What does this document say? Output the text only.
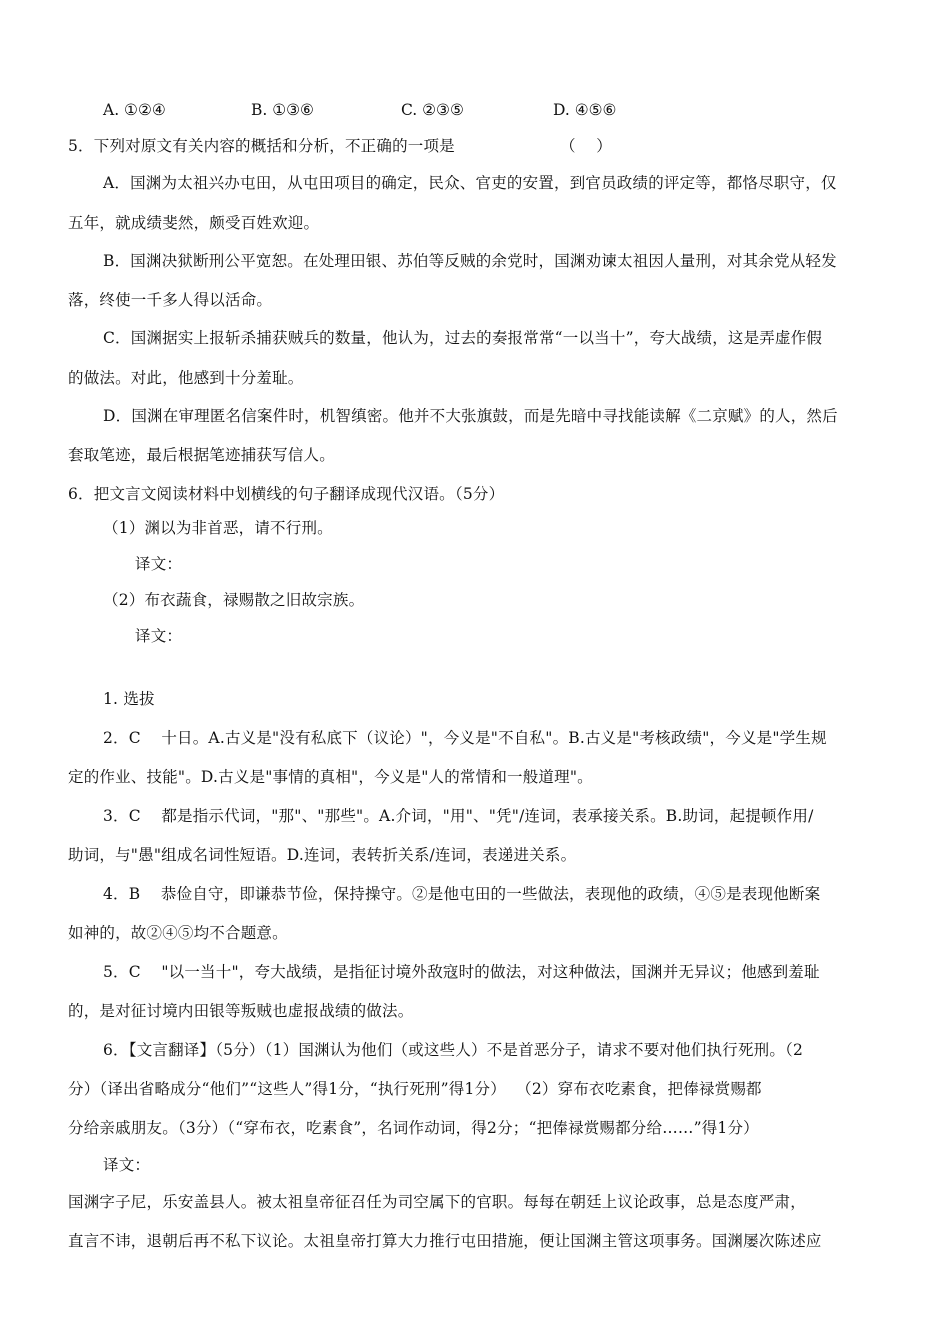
A. ①②④	B. ①③⑥	C. ②③⑤	D. ④⑤⑥
5．下列对原文有关内容的概括和分析，不正确的一项是	（    ）
A．国渊为太祖兴办屯田，从屯田项目的确定，民众、官吏的安置，到官员政绩的评定等，都恪尽职守，仅
五年，就成绩斐然，颇受百姓欢迎。
B．国渊决狱断刑公平宽恕。在处理田银、苏伯等反贼的余党时，国渊劝谏太祖因人量刑，对其余党从轻发
落，终使一千多人得以活命。
C．国渊据实上报斩杀捕获贼兵的数量，他认为，过去的奏报常常“一以当十”，夸大战绩，这是弄虚作假
的做法。对此，他感到十分羞耻。
D．国渊在审理匿名信案件时，机智缜密。他并不大张旗鼓，而是先暗中寻找能读解《二京赋》的人，然后
套取笔迹，最后根据笔迹捕获写信人。
6．把文言文阅读材料中划横线的句子翻译成现代汉语。（5分）
（1）渊以为非首恶，请不行刑。
译文：
（2）布衣蔬食，禄赐散之旧故宗族。
译文：
1. 选拔
2．C    十日。A.古义是"没有私底下（议论）"，今义是"不自私"。B.古义是"考核政绩"，今义是"学生规
定的作业、技能"。D.古义是"事情的真相"，今义是"人的常情和一般道理"。
3．C    都是指示代词，"那"、"那些"。A.介词，"用"、"凭"/连词，表承接关系。B.助词，起提顿作用/
助词，与"愚"组成名词性短语。D.连词，表转折关系/连词，表递进关系。
4．B    恭俭自守，即谦恭节俭，保持操守。②是他屯田的一些做法，表现他的政绩，④⑤是表现他断案
如神的，故②④⑤均不合题意。
5．C    "以一当十"，夸大战绩，是指征讨境外敌寇时的做法，对这种做法，国渊并无异议；他感到羞耻
的，是对征讨境内田银等叛贼也虚报战绩的做法。
6．【文言翻译】（5分）（1）国渊认为他们（或这些人）不是首恶分子，请求不要对他们执行死刑。（2
分）（译出省略成分“他们”“这些人”得1分，“执行死刑”得1分）  （2）穿布衣吃素食，把俸禄赏赐都
分给亲戚朋友。（3分）（“穿布衣，吃素食”，名词作动词，得2分；“把俸禄赏赐都分给……”得1分）
译文：
国渊字子尼，乐安盖县人。被太祖皇帝征召任为司空属下的官职。每每在朝廷上议论政事，总是态度严肃，
直言不讳，退朝后再不私下议论。太祖皇帝打算大力推行屯田措施，便让国渊主管这项事务。国渊屡次陈述应
